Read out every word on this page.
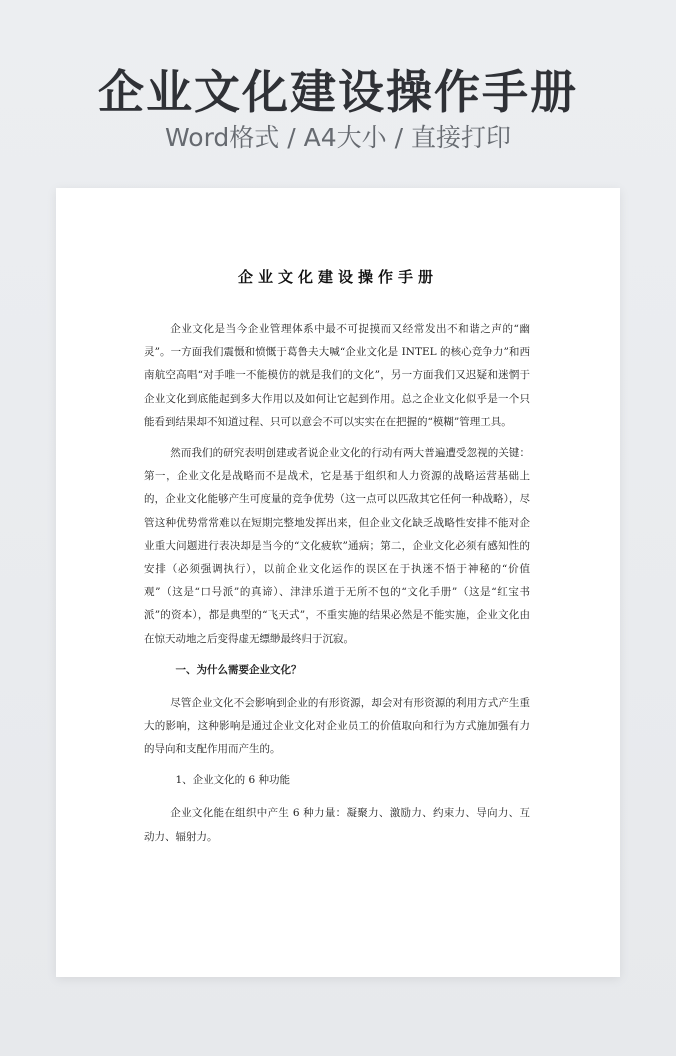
企业文化建设操作手册
Word格式 / A4大小 / 直接打印
企业文化建设操作手册

企业文化是当今企业管理体系中最不可捉摸而又经常发出不和谐之声的“幽灵”。一方面我们震慑和愤慨于葛鲁夫大喊“企业文化是 INTEL 的核心竞争力”和西南航空高唱“对手唯一不能模仿的就是我们的文化”，另一方面我们又迟疑和迷惘于企业文化到底能起到多大作用以及如何让它起到作用。总之企业文化似乎是一个只能看到结果却不知道过程、只可以意会不可以实实在在把握的“模糊”管理工具。

然而我们的研究表明创建或者说企业文化的行动有两大普遍遭受忽视的关键：第一，企业文化是战略而不是战术，它是基于组织和人力资源的战略运营基础上的，企业文化能够产生可度量的竞争优势（这一点可以匹敌其它任何一种战略），尽管这种优势常常难以在短期完整地发挥出来，但企业文化缺乏战略性安排不能对企业重大问题进行表决却是当今的“文化疲软”通病；第二，企业文化必须有感知性的安排（必须强调执行），以前企业文化运作的误区在于执迷不悟于神秘的“价值观”（这是“口号派”的真谛）、津津乐道于无所不包的“文化手册”（这是“红宝书派”的资本），都是典型的“飞天式”，不重实施的结果必然是不能实施，企业文化由在惊天动地之后变得虚无缥缈最终归于沉寂。

一、为什么需要企业文化？

尽管企业文化不会影响到企业的有形资源，却会对有形资源的利用方式产生重大的影响，这种影响是通过企业文化对企业员工的价值取向和行为方式施加强有力的导向和支配作用而产生的。

1、企业文化的 6 种功能

企业文化能在组织中产生 6 种力量：凝聚力、激励力、约束力、导向力、互动力、辐射力。
